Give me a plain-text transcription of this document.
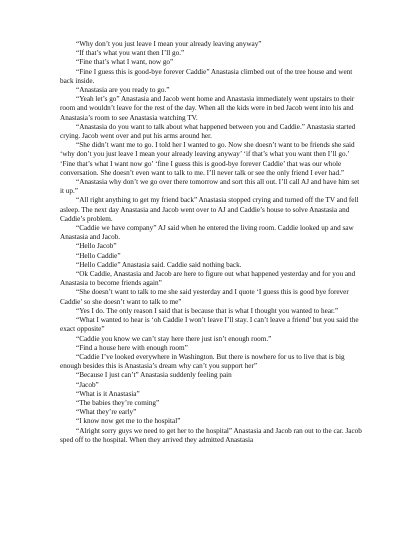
“Why don’t you just leave I mean your already leaving anyway”

“If that’s what you want then I’ll go.”

“Fine that’s what I want, now go”

“Fine I guess this is good-bye forever Caddie” Anastasia climbed out of the tree house and went back inside.

“Anastasia are you ready to go.”

“Yeah let’s go” Anastasia and Jacob went home and Anastasia immediately went upstairs to their room and wouldn’t leave for the rest of the day. When all the kids were in bed Jacob went into his and Anastasia’s room to see Anastasia watching TV.

“Anastasia do you want to talk about what happened between you and Caddie.” Anastasia started crying. Jacob went over and put his arms around her.

“She didn’t want me to go. I told her I wanted to go. Now she doesn’t want to be friends she said ‘why don’t you just leave I mean your already leaving anyway’ ‘if that’s what you want then I’ll go.’ ‘Fine that’s what I want now go’ ‘fine I guess this is good-bye forever Caddie’ that was our whole conversation. She doesn’t even want to talk to me. I’ll never talk or see the only friend I ever had.”

“Anastasia why don’t we go over there tomorrow and sort this all out. I’ll call AJ and have him set it up.”

“All right anything to get my friend back” Anastasia stopped crying and turned off the TV and fell asleep. The next day Anastasia and Jacob went over to AJ and Caddie’s house to solve Anastasia and Caddie’s problem.

“Caddie we have company” AJ said when he entered the living room. Caddie looked up and saw Anastasia and Jacob.

“Hello Jacob”

“Hello Caddie”

“Hello Caddie” Anastasia said. Caddie said nothing back.

“Ok Caddie, Anastasia and Jacob are here to figure out what happened yesterday and for you and Anastasia to become friends again”

“She doesn’t want to talk to me she said yesterday and I quote ‘I guess this is good bye forever Caddie’ so she doesn’t want to talk to me”

“Yes I do. The only reason I said that is because that is what I thought you wanted to hear.”

“What I wanted to hear is ‘oh Caddie I won’t leave I’ll stay. I can’t leave a friend’ but you said the exact opposite”

“Caddie you know we can’t stay here there just isn’t enough room.”

“Find a house here with enough room”

“Caddie I’ve looked everywhere in Washington. But there is nowhere for us to live that is big enough besides this is Anastasia’s dream why can’t you support her”

“Because I just can’t” Anastasia suddenly feeling pain

“Jacob”

“What is it Anastasia”

“The babies they’re coming”

“What they’re early”

“I know now get me to the hospital”

“Alright sorry guys we need to get her to the hospital” Anastasia and Jacob ran out to the car. Jacob sped off to the hospital. When they arrived they admitted Anastasia
